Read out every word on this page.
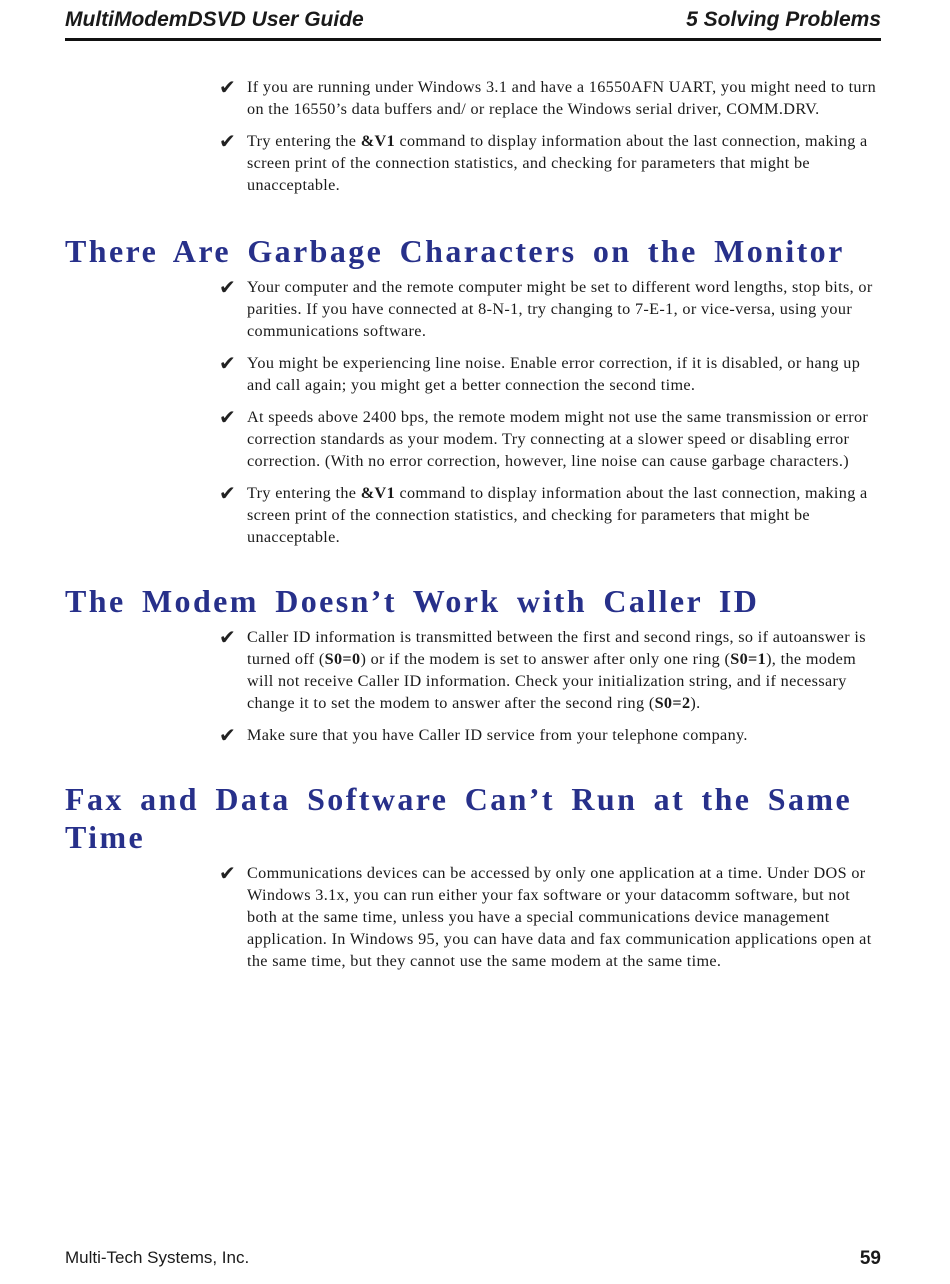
MultiModemDSVD User Guide	5 Solving Problems
✔ If you are running under Windows 3.1 and have a 16550AFN UART, you might need to turn on the 16550’s data buffers and/ or replace the Windows serial driver, COMM.DRV.
✔ Try entering the &V1 command to display information about the last connection, making a screen print of the connection statistics, and checking for parameters that might be unacceptable.
There Are Garbage Characters on the Monitor
✔ Your computer and the remote computer might be set to different word lengths, stop bits, or parities. If you have connected at 8-N-1, try changing to 7-E-1, or vice-versa, using your communications software.
✔ You might be experiencing line noise. Enable error correction, if it is disabled, or hang up and call again; you might get a better connection the second time.
✔ At speeds above 2400 bps, the remote modem might not use the same transmission or error correction standards as your modem. Try connecting at a slower speed or disabling error correction. (With no error correction, however, line noise can cause garbage characters.)
✔ Try entering the &V1 command to display information about the last connection, making a screen print of the connection statistics, and checking for parameters that might be unacceptable.
The Modem Doesn’t Work with Caller ID
✔ Caller ID information is transmitted between the first and second rings, so if autoanswer is turned off (S0=0) or if the modem is set to answer after only one ring (S0=1), the modem will not receive Caller ID information. Check your initialization string, and if necessary change it to set the modem to answer after the second ring (S0=2).
✔ Make sure that you have Caller ID service from your telephone company.
Fax and Data Software Can’t Run at the Same Time
✔ Communications devices can be accessed by only one application at a time. Under DOS or Windows 3.1x, you can run either your fax software or your datacomm software, but not both at the same time, unless you have a special communications device management application. In Windows 95, you can have data and fax communication applications open at the same time, but they cannot use the same modem at the same time.
Multi-Tech Systems, Inc.	59
